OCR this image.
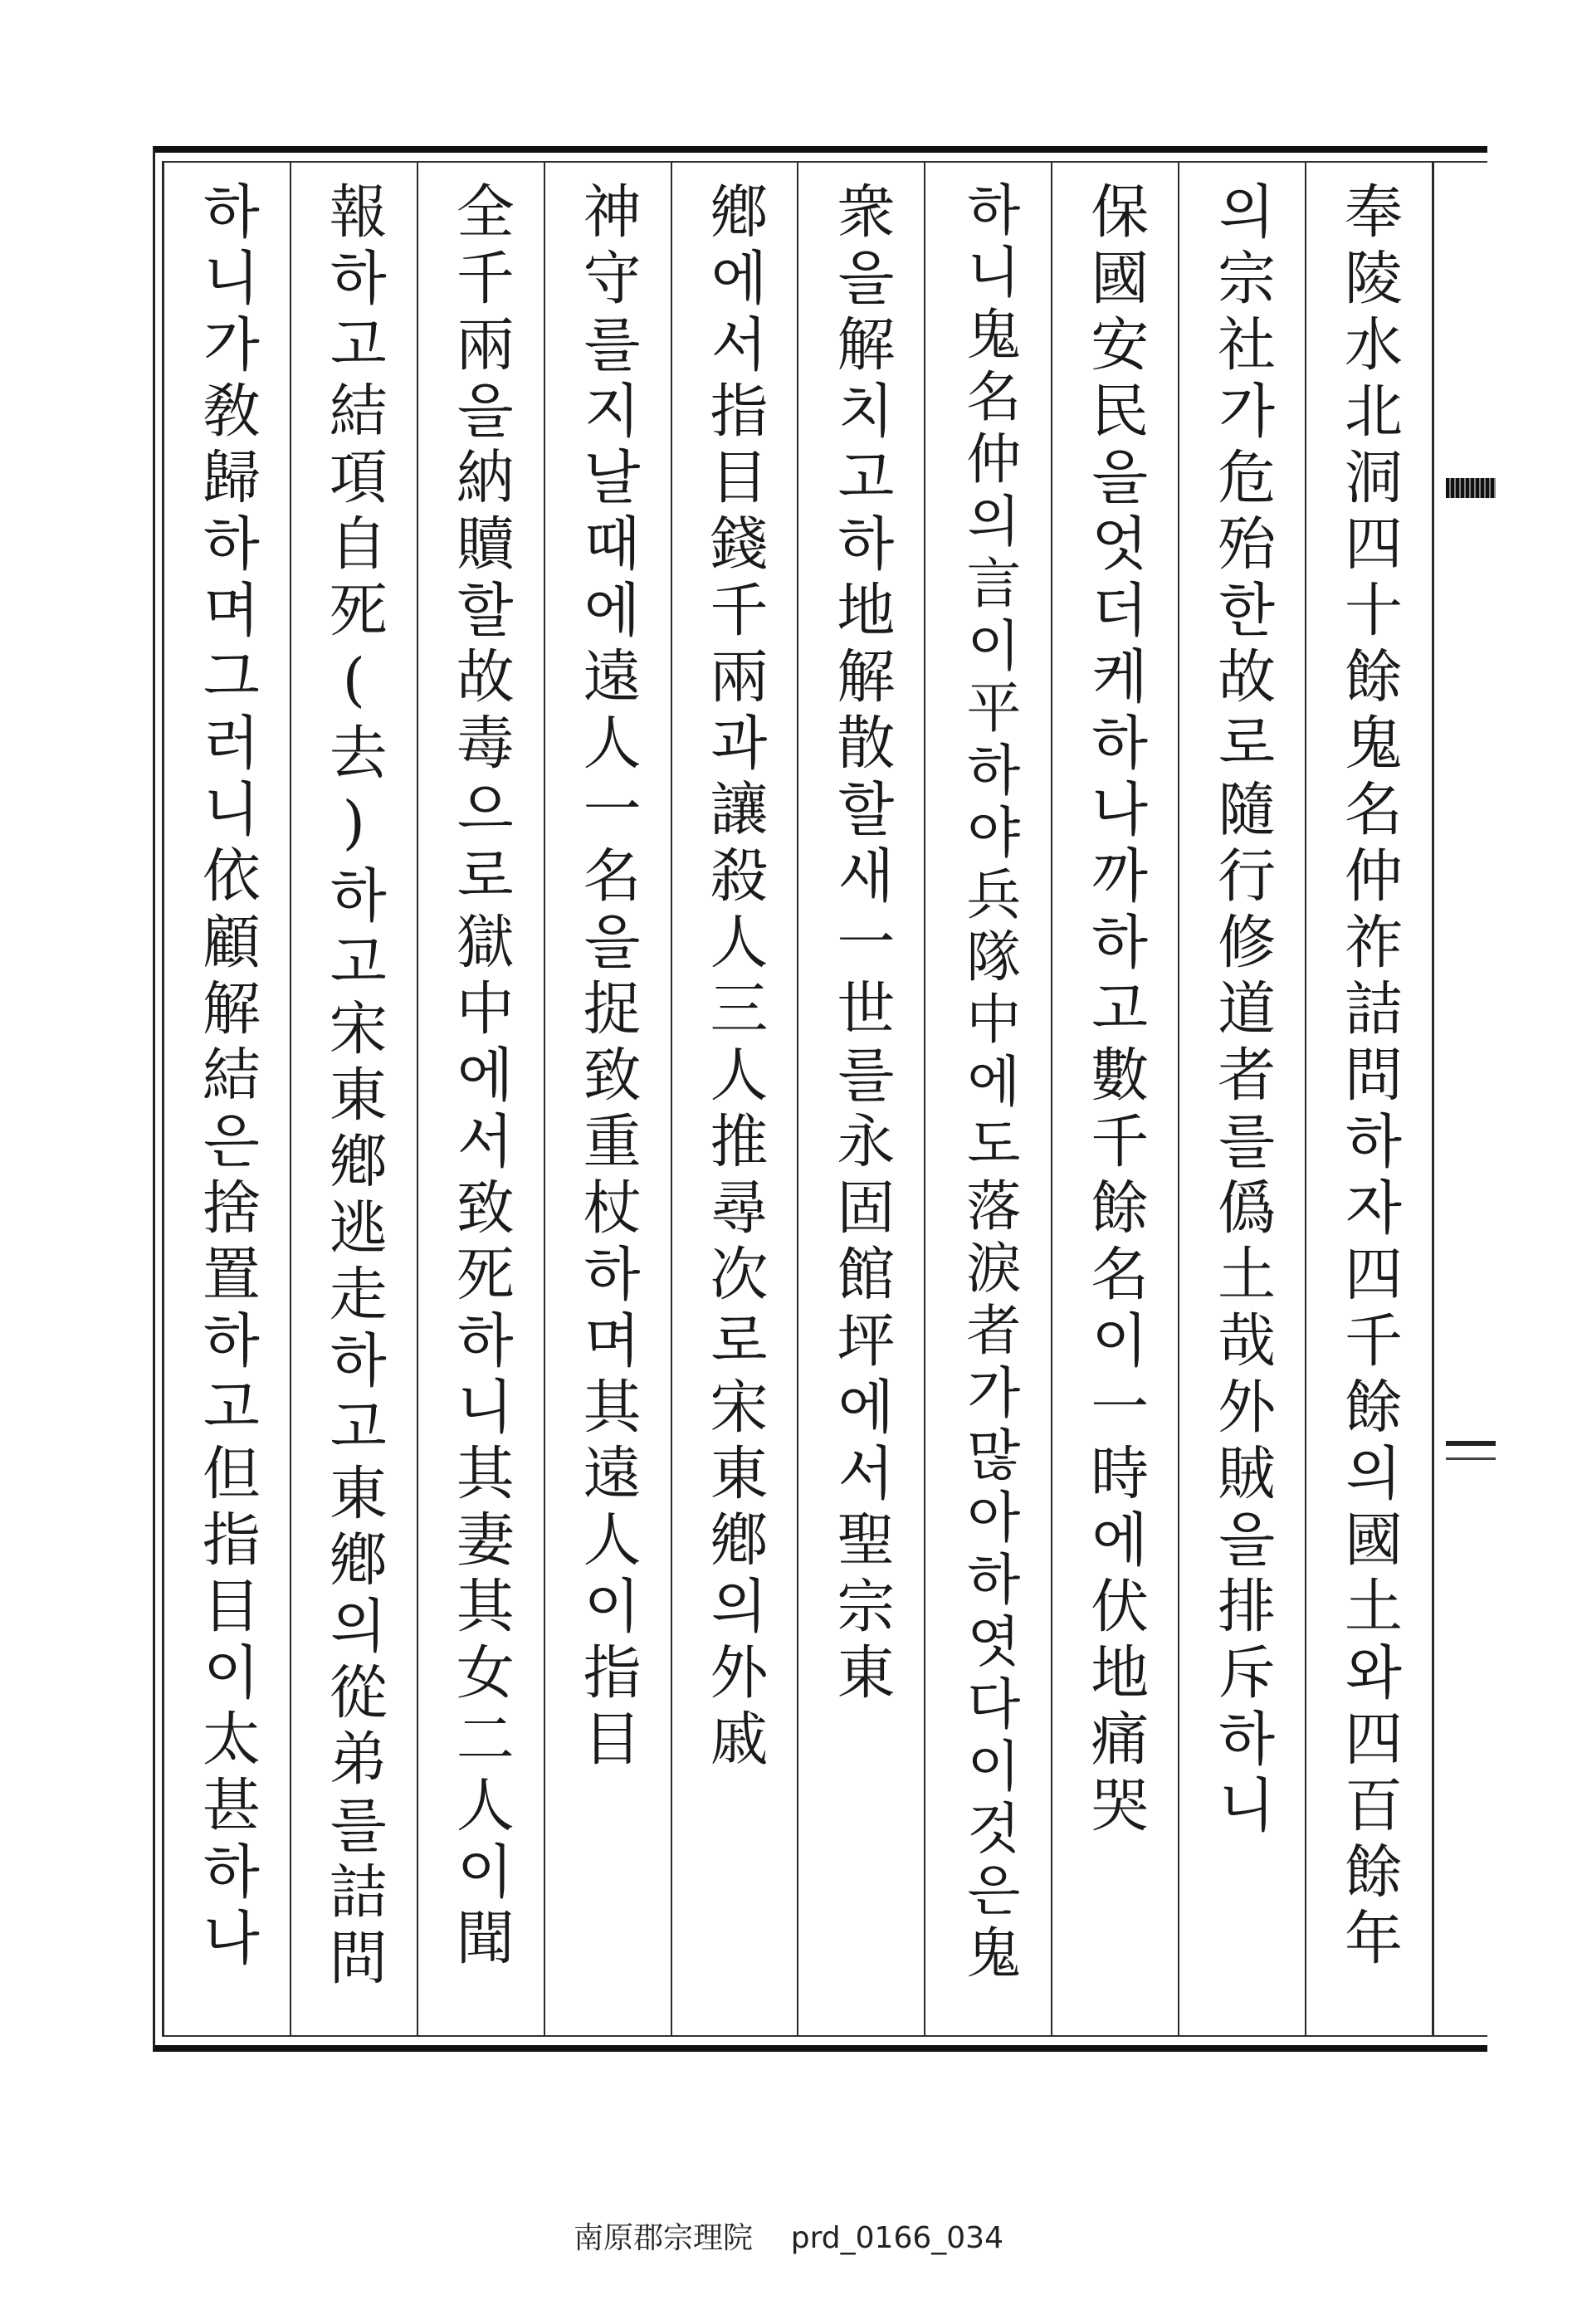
奉陵水北洞四十餘鬼名仲祚詰問하자四千餘의國土와四百餘年
의宗社가危殆한故로隨行修道者를僞土哉外賊을排斥하니
保國安民을엇더케하나까하고數千餘名이一時에伏地痛哭
하니鬼名仲의言이平하야兵隊中에도落淚者가많아하엿다이것은鬼
衆을解치고하地解散할새一世를永固館坪에서聖宗東
鄕에서指目錢千兩과讓殺人三人推尋次로宋東鄕의外戚
神守를지날때에遠人一名을捉致重杖하며其遠人이指目
全千兩을納贖할故毒으로獄中에서致死하니其妻其女二人이聞
報하고結項自死(去)하고宋東鄕逃走하고東鄕의從弟를詰問
하니가敎歸하며그러니依顧解結은捨置하고但指目이太甚하나
南原郡宗理院    prd_0166_034
